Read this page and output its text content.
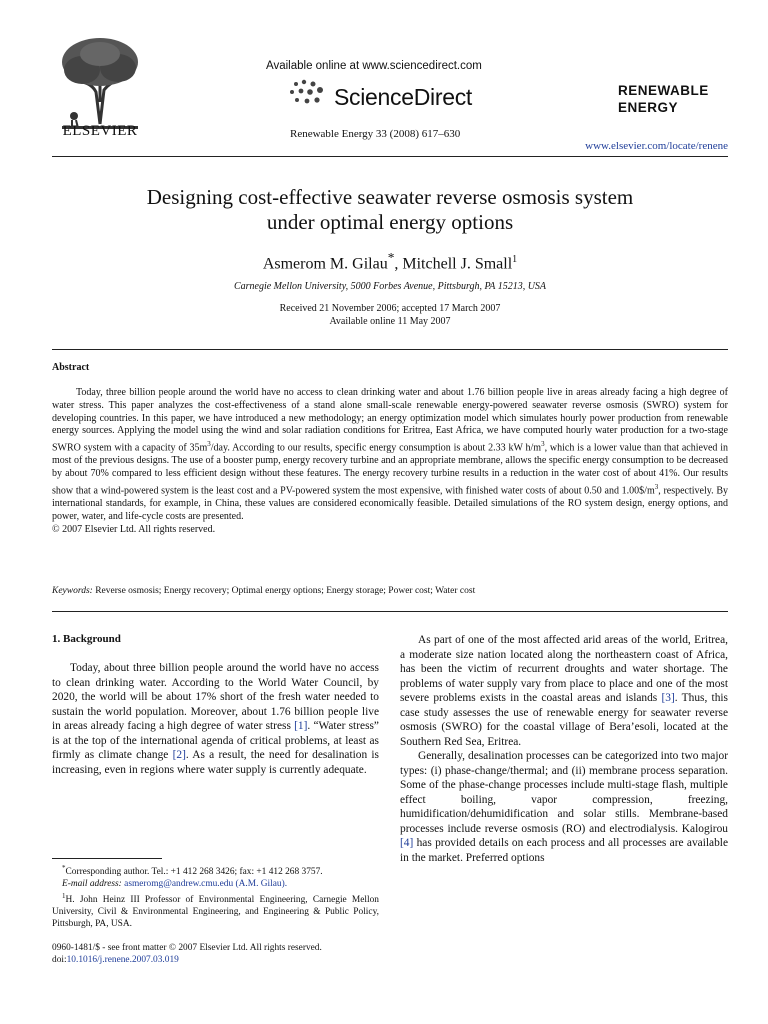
ELSEVIER
Available online at www.sciencedirect.com
ScienceDirect
Renewable Energy 33 (2008) 617–630
RENEWABLE
ENERGY
www.elsevier.com/locate/renene
Designing cost-effective seawater reverse osmosis system
under optimal energy options
Asmerom M. Gilau*, Mitchell J. Small$^1$
Carnegie Mellon University, 5000 Forbes Avenue, Pittsburgh, PA 15213, USA
Received 21 November 2006; accepted 17 March 2007
Available online 11 May 2007
Abstract
Today, three billion people around the world have no access to clean drinking water and about 1.76 billion people live in areas already facing a high degree of water stress. This paper analyzes the cost-effectiveness of a stand alone small-scale renewable energy-powered seawater reverse osmosis (SWRO) system for developing countries. In this paper, we have introduced a new methodology; an energy optimization model which simulates hourly power production from renewable energy sources. Applying the model using the wind and solar radiation conditions for Eritrea, East Africa, we have computed hourly water production for a two-stage SWRO system with a capacity of $35m^3$/day. According to our results, specific energy consumption is about 2.33 kW $h/m^3$, which is a lower value than that achieved in most of the previous designs. The use of a booster pump, energy recovery turbine and an appropriate membrane, allows the specific energy consumption to be decreased by about 70% compared to less efficient design without these features. The energy recovery turbine results in a reduction in the water cost of about 41%. Our results show that a wind-powered system is the least cost and a PV-powered system the most expensive, with finished water costs of about 0.50 and $1.00\$/m^3$, respectively. By international standards, for example, in China, these values are considered economically feasible. Detailed simulations of the RO system design, energy options, and power, water, and life-cycle costs are presented.
© 2007 Elsevier Ltd. All rights reserved.
Keywords: Reverse osmosis; Energy recovery; Optimal energy options; Energy storage; Power cost; Water cost
1. Background

Today, about three billion people around the world have no access to clean drinking water. According to the World Water Council, by 2020, the world will be about 17% short of the fresh water needed to sustain the world population. Moreover, about 1.76 billion people live in areas already facing a high degree of water stress [1]. “Water stress” is at the top of the international agenda of critical problems, at least as firmly as climate change [2]. As a result, the need for desalination is increasing, even in regions where water supply is currently adequate.

As part of one of the most affected arid areas of the world, Eritrea, a moderate size nation located along the northeastern coast of Africa, has been the victim of recurrent droughts and water shortage. The problems of water supply vary from place to place and one of the most severe problems exists in the coastal areas and islands [3]. Thus, this case study assesses the use of renewable energy for seawater reverse osmosis (SWRO) for the coastal village of Bera’esoli, located at the Southern Red Sea, Eritrea.

Generally, desalination processes can be categorized into two major types: (i) phase-change/thermal; and (ii) membrane process separation. Some of the phase-change processes include multi-stage flash, multiple effect boiling, vapor compression, freezing, humidification/dehumidification and solar stills. Membrane-based processes include reverse osmosis (RO) and electrodialysis. Kalogirou [4] has provided details on each process and all processes are available in the market. Preferred options

*Corresponding author. Tel.: +1 412 268 3426; fax: +1 412 268 3757.

E-mail address: asmeromg@andrew.cmu.edu (A.M. Gilau).

$^1$H. John Heinz III Professor of Environmental Engineering, Carnegie Mellon University, Civil & Environmental Engineering, and Engineering & Public Policy, Pittsburgh, PA, USA.

0960-1481/$ - see front matter © 2007 Elsevier Ltd. All rights reserved.
doi:10.1016/j.renene.2007.03.019
